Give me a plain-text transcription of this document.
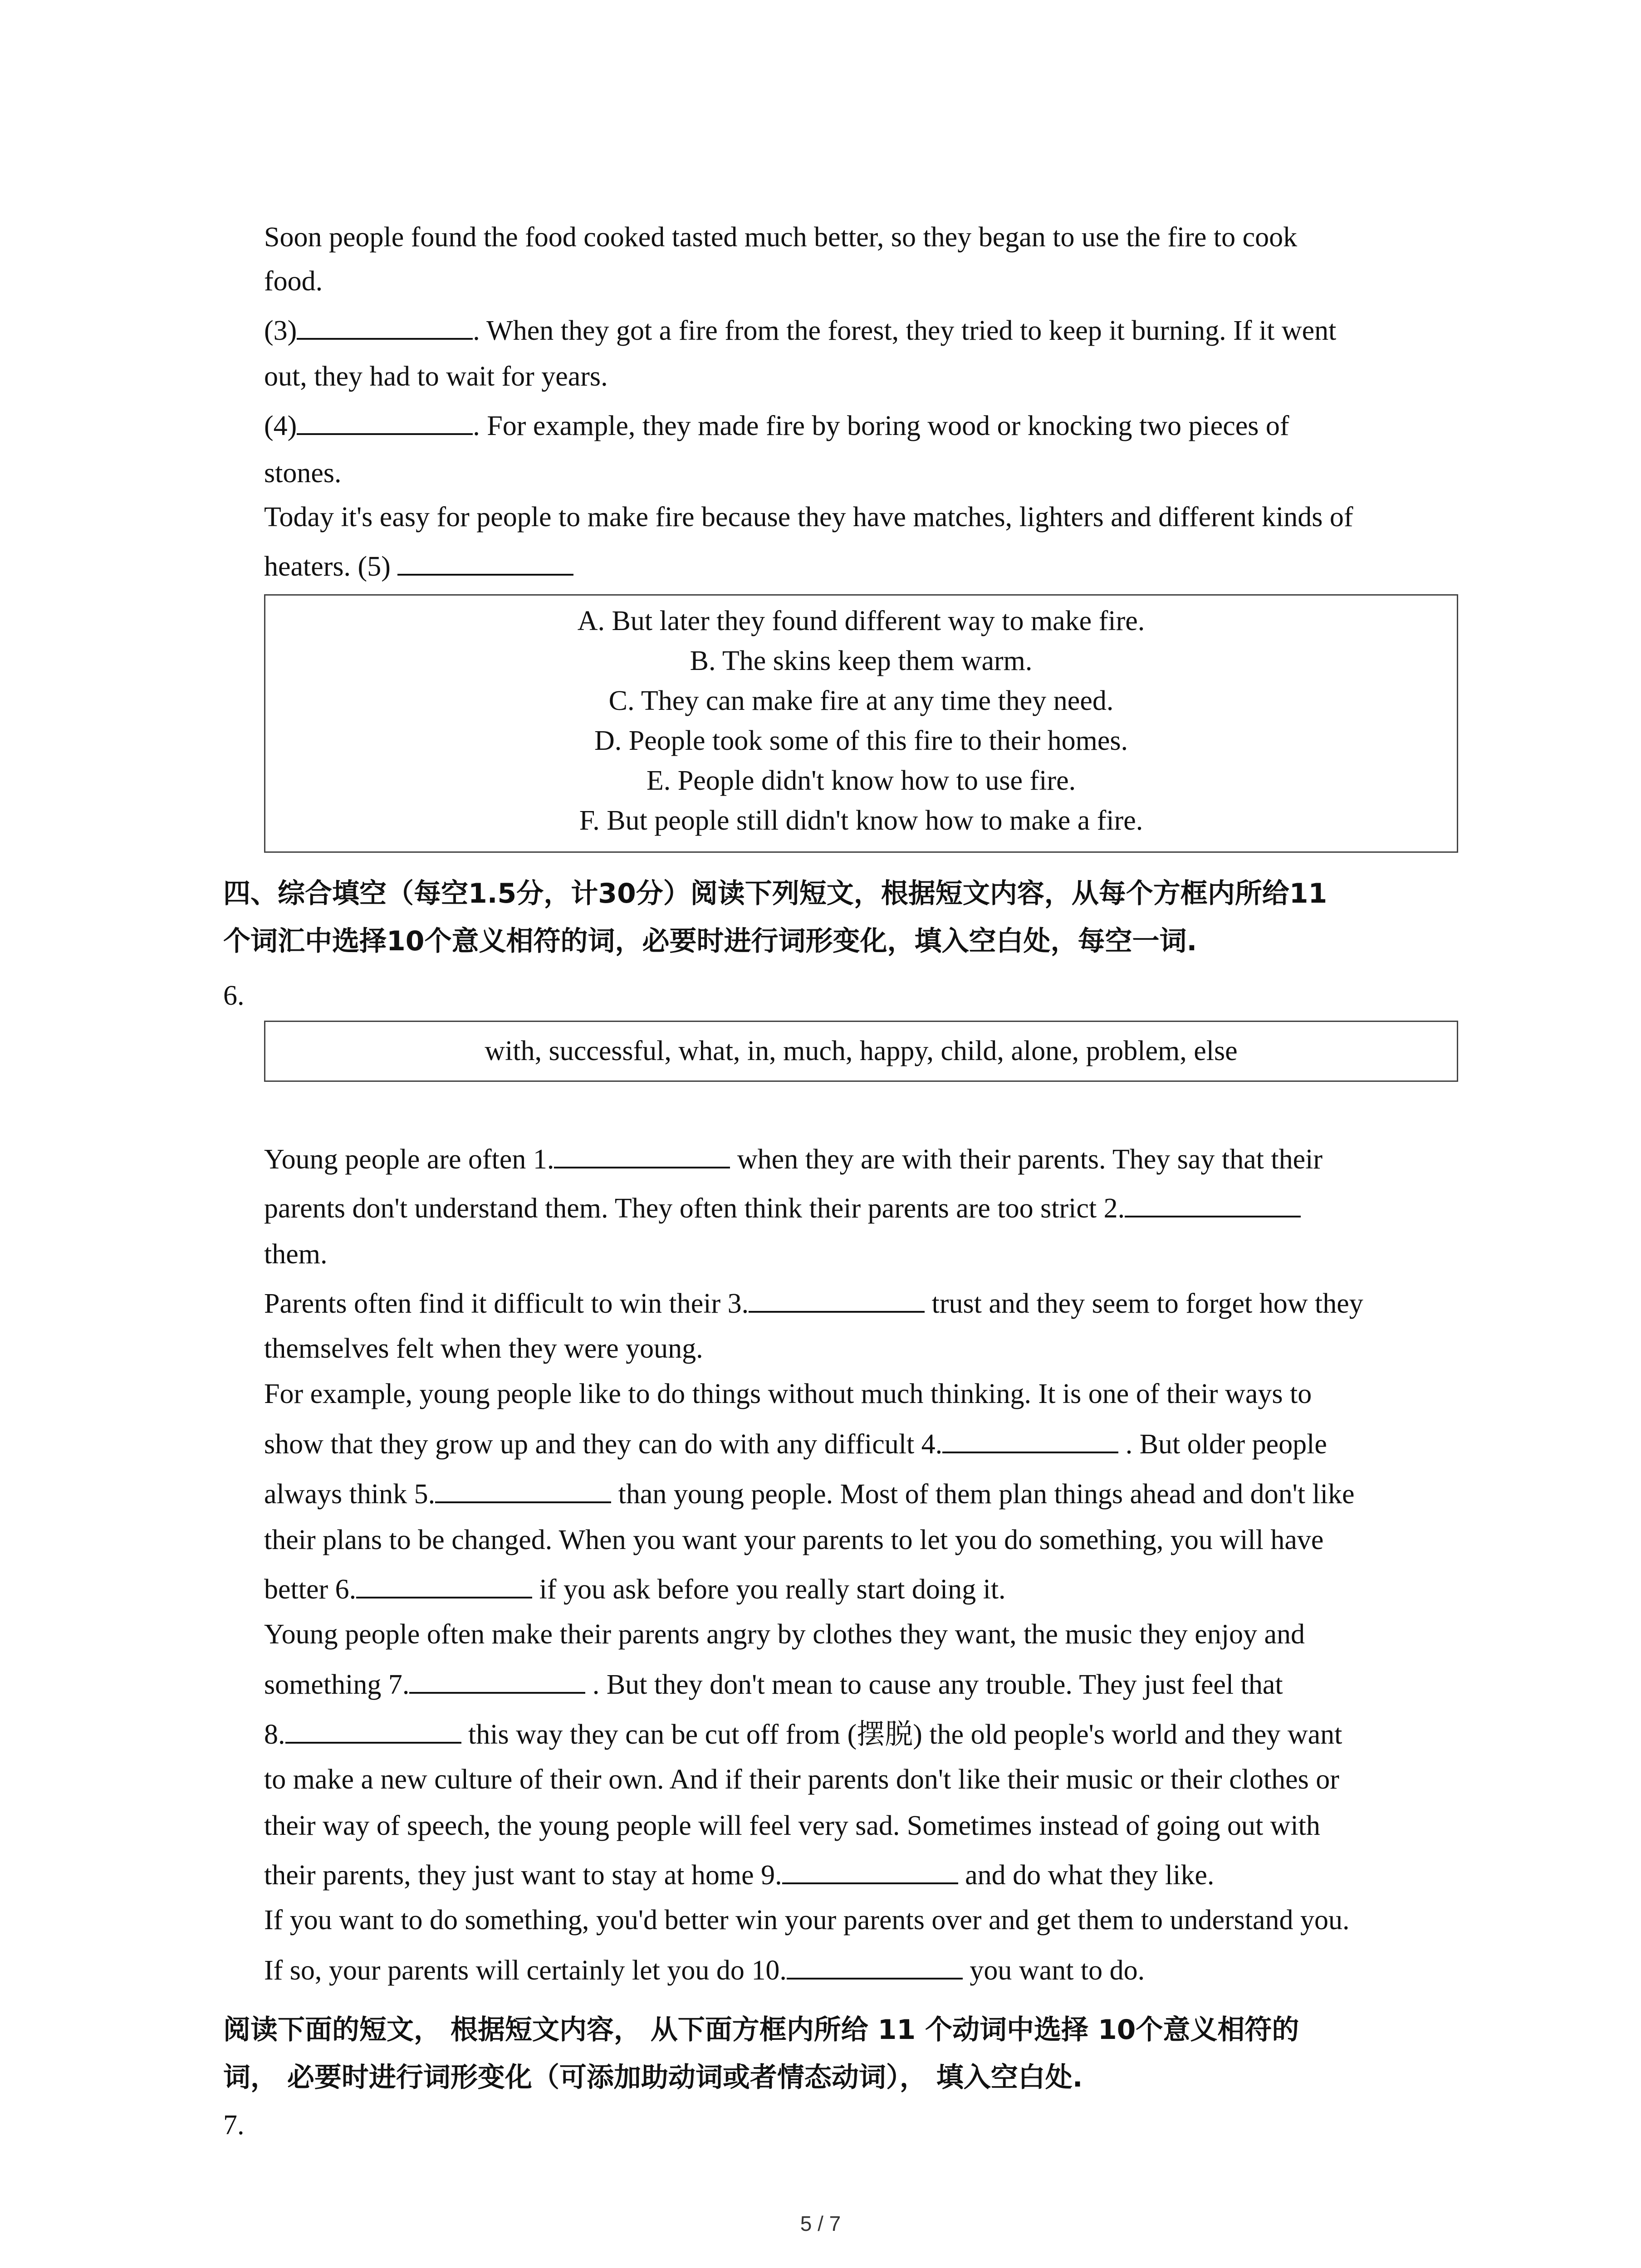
Soon people found the food cooked tasted much better, so they began to use the fire to cook
food.
(3)	. When they got a fire from the forest, they tried to keep it burning. If it went
out, they had to wait for years.
(4)	. For example, they made fire by boring wood or knocking two pieces of
stones.
Today it's easy for people to make fire because they have matches, lighters and different kinds of
heaters. (5)
A. But later they found different way to make fire.
B. The skins keep them warm.
C. They can make fire at any time they need.
D. People took some of this fire to their homes.
E. People didn't know how to use fire.
F. But people still didn't know how to make a fire.
四、综合填空（每空1.5分，计30分）阅读下列短文，根据短文内容，从每个方框内所给11
个词汇中选择10个意义相符的词，必要时进行词形变化，填入空白处，每空一词.
6.
with, successful, what, in, much, happy, child, alone, problem, else
Young people are often 1.	when they are with their parents. They say that their
parents don't understand them. They often think their parents are too strict 2.
them.
Parents often find it difficult to win their 3.	trust and they seem to forget how they
themselves felt when they were young.
For example, young people like to do things without much thinking. It is one of their ways to
show that they grow up and they can do with any difficult 4.	. But older people
always think 5.	than young people. Most of them plan things ahead and don't like
their plans to be changed. When you want your parents to let you do something, you will have
better 6.	if you ask before you really start doing it.
Young people often make their parents angry by clothes they want, the music they enjoy and
something 7.	. But they don't mean to cause any trouble. They just feel that
8.	this way they can be cut off from (摆脱) the old people's world and they want
to make a new culture of their own. And if their parents don't like their music or their clothes or
their way of speech, the young people will feel very sad. Sometimes instead of going out with
their parents, they just want to stay at home 9.	and do what they like.
If you want to do something, you'd better win your parents over and get them to understand you.
If so, your parents will certainly let you do 10.	you want to do.
阅读下面的短文， 根据短文内容， 从下面方框内所给 11 个动词中选择 10个意义相符的
词， 必要时进行词形变化（可添加助动词或者情态动词）， 填入空白处.
7.
5 / 7
